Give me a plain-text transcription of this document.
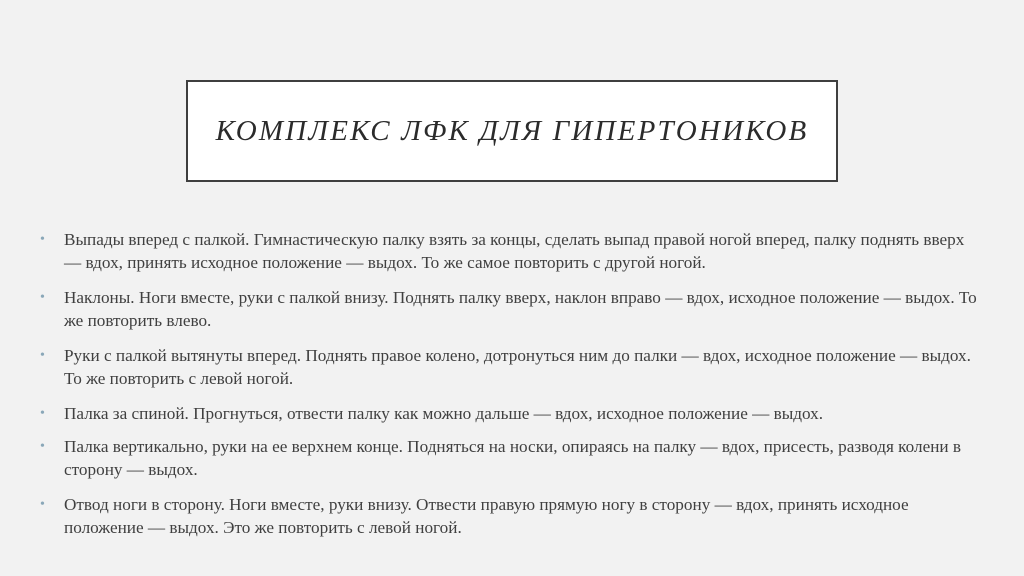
КОМПЛЕКС ЛФК ДЛЯ ГИПЕРТОНИКОВ
• Выпады вперед с палкой. Гимнастическую палку взять за концы, сделать выпад правой ногой вперед, палку поднять вверх — вдох, принять исходное положение — выдох. То же самое повторить с другой ногой.
• Наклоны. Ноги вместе, руки с палкой внизу. Поднять палку вверх, наклон вправо — вдох, исходное положение — выдох. То же повторить влево.
• Руки с палкой вытянуты вперед. Поднять правое колено, дотронуться ним до палки — вдох, исходное положение — выдох. То же повторить с левой ногой.
• Палка за спиной. Прогнуться, отвести палку как можно дальше — вдох, исходное положение — выдох.
• Палка вертикально, руки на ее верхнем конце. Подняться на носки, опираясь на палку — вдох, присесть, разводя колени в сторону — выдох.
• Отвод ноги в сторону. Ноги вместе, руки внизу. Отвести правую прямую ногу в сторону — вдох, принять исходное положение — выдох. Это же повторить с левой ногой.
